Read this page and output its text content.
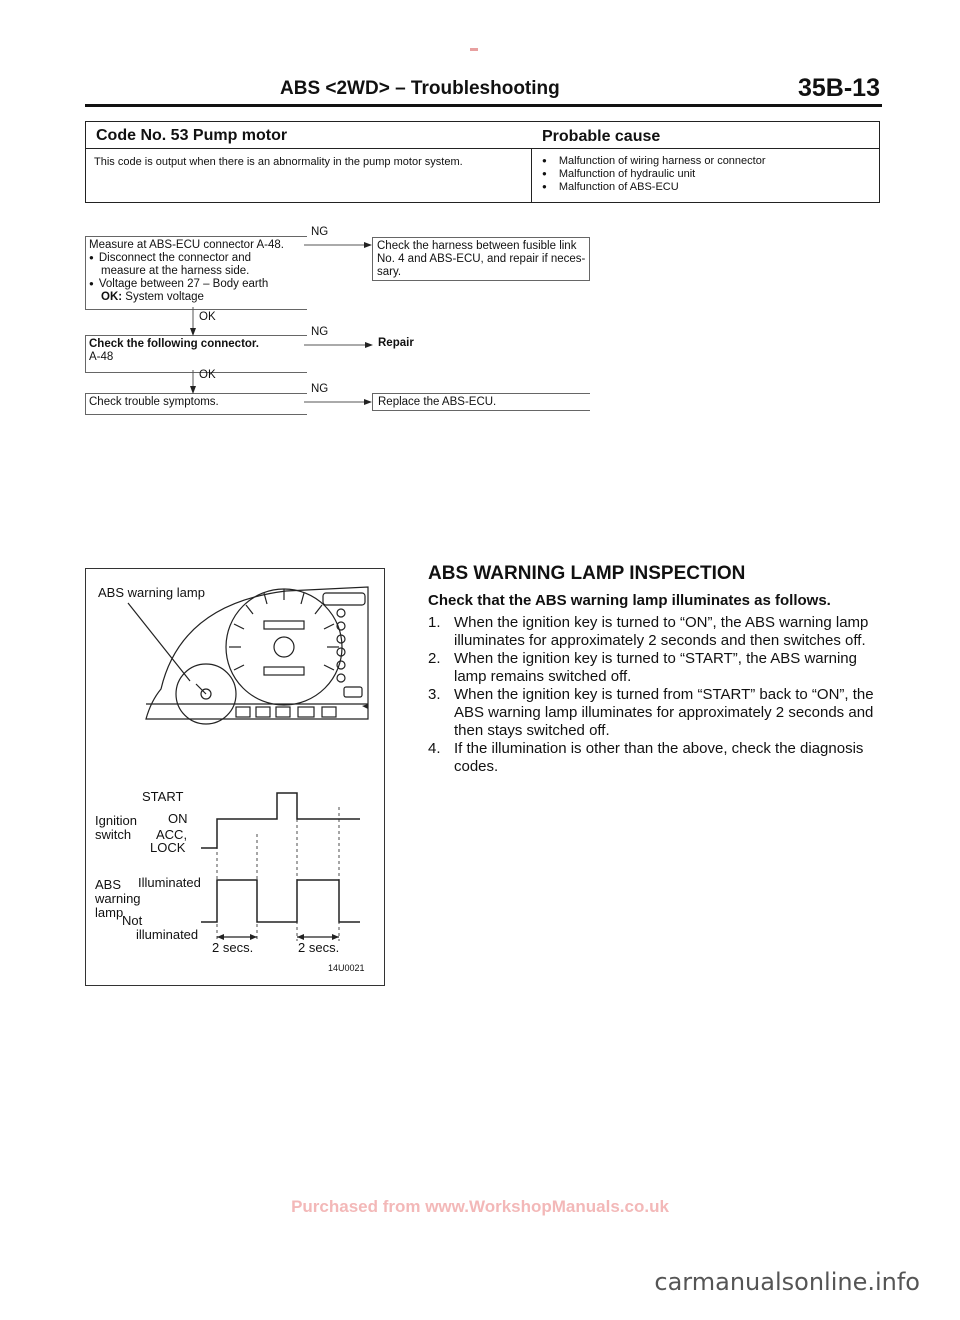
ABS <2WD> – Troubleshooting	35B-13
Code No. 53 Pump motor	Probable cause
This code is output when there is an abnormality in the pump motor system.
●	Malfunction of wiring harness or connector
● Malfunction of hydraulic unit
● Malfunction of ABS-ECU
Measure at ABS-ECU connector A-48.
● Disconnect the connector and
measure at the harness side.
● Voltage between 27 – Body earth
OK: System voltage
Check the harness between fusible link
No. 4 and ABS-ECU, and repair if neces-
sary.
Check the following connector.
A-48
Repair
Check trouble symptoms.	Replace the ABS-ECU.
NG
NG
NG
OK
OK
ABS warning lamp
START
Ignition
switch
ON
ACC,
LOCK
ABS
warning
lamp
Illuminated
Not
illuminated
2 secs.	2 secs.
14U0021
ABS WARNING LAMP INSPECTION
Check that the ABS warning lamp illuminates as follows.
1. When the ignition key is turned to “ON”, the ABS warning lamp illuminates for approximately 2 seconds and then switches off.
2. When the ignition key is turned to “START”, the ABS warning lamp remains switched off.
3. When the ignition key is turned from “START” back to “ON”, the ABS warning lamp illuminates for approximately 2 seconds and then stays switched off.
4. If the illumination is other than the above, check the diagnosis codes.
Purchased from www.WorkshopManuals.co.uk
carmanualsonline.info
